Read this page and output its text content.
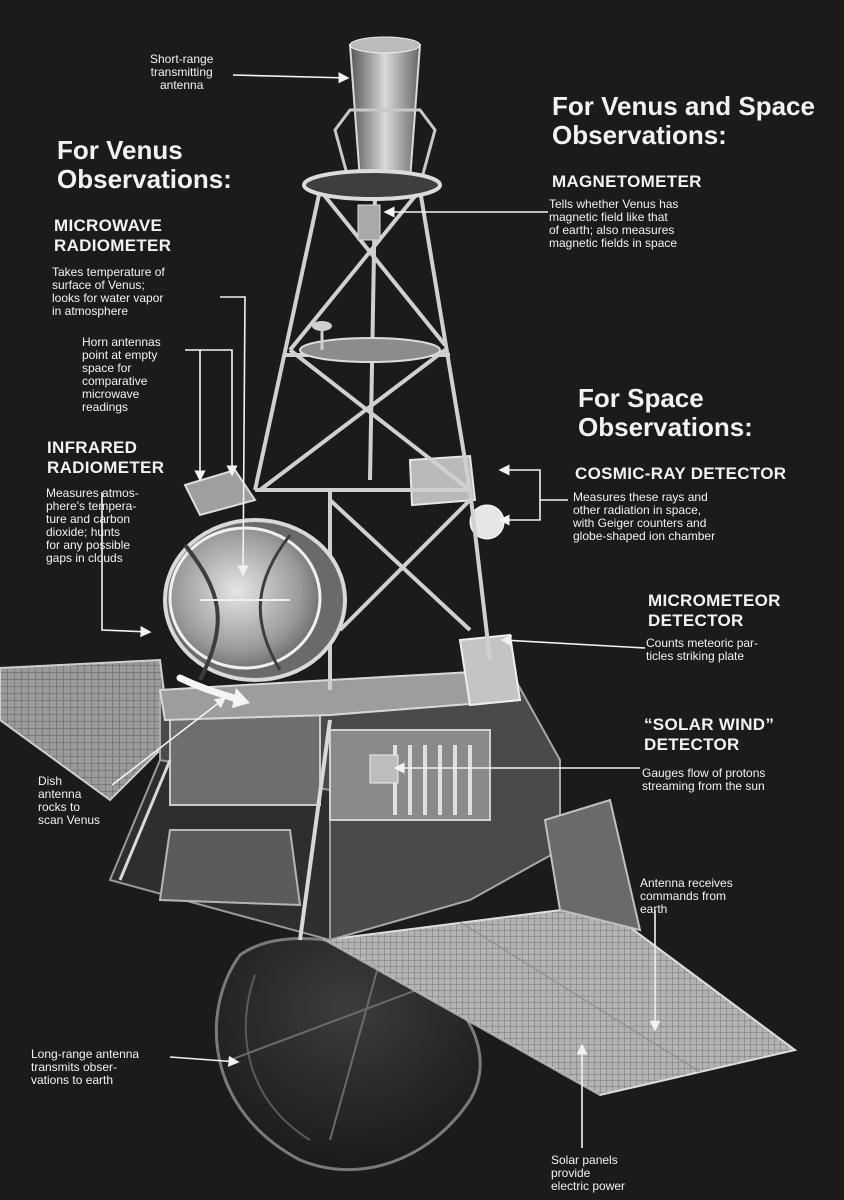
For Venus
Observations:

For Venus and Space
Observations:

For Space
Observations:

Short-range
transmitting
antenna

MAGNETOMETER

Tells whether Venus has
magnetic field like that
of earth; also measures
magnetic fields in space

MICROWAVE
RADIOMETER

Takes temperature of
surface of Venus;
looks for water vapor
in atmosphere

Horn antennas
point at empty
space for
comparative
microwave
readings

INFRARED
RADIOMETER

Measures atmos-
phere's tempera-
ture and carbon
dioxide; hunts
for any possible
gaps in clouds

COSMIC-RAY DETECTOR

Measures these rays and
other radiation in space,
with Geiger counters and
globe-shaped ion chamber

MICROMETEOR
DETECTOR

Counts meteoric par-
ticles striking plate

“SOLAR WIND”
DETECTOR

Gauges flow of protons
streaming from the sun

Dish
antenna
rocks to
scan Venus

Antenna receives
commands from
earth

Long-range antenna
transmits obser-
vations to earth

Solar panels
provide
electric power
